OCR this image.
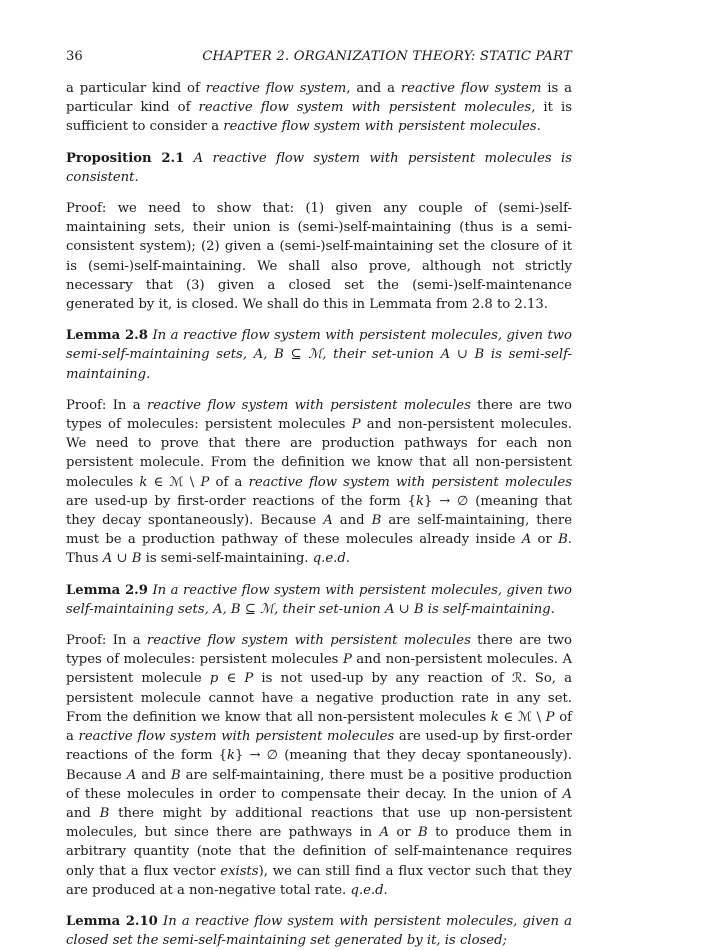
36	CHAPTER 2. ORGANIZATION THEORY: STATIC PART

a particular kind of reactive flow system, and a reactive flow system is a particular kind of reactive flow system with persistent molecules, it is sufficient to consider a reactive flow system with persistent molecules.

Proposition 2.1 A reactive flow system with persistent molecules is consistent.

Proof: we need to show that: (1) given any couple of (semi-)self-maintaining sets, their union is (semi-)self-maintaining (thus is a semi-consistent system); (2) given a (semi-)self-maintaining set the closure of it is (semi-)self-maintaining. We shall also prove, although not strictly necessary that (3) given a closed set the (semi-)self-maintenance generated by it, is closed. We shall do this in Lemmata from 2.8 to 2.13.

Lemma 2.8 In a reactive flow system with persistent molecules, given two semi-self-maintaining sets, A, B ⊆ ℳ, their set-union A ∪ B is semi-self-maintaining.

Proof: In a reactive flow system with persistent molecules there are two types of molecules: persistent molecules P and non-persistent molecules. We need to prove that there are production pathways for each non persistent molecule. From the definition we know that all non-persistent molecules k ∈ ℳ \ P of a reactive flow system with persistent molecules are used-up by first-order reactions of the form {k} → ∅ (meaning that they decay spontaneously). Because A and B are self-maintaining, there must be a production pathway of these molecules already inside A or B. Thus A ∪ B is semi-self-maintaining. q.e.d.

Lemma 2.9 In a reactive flow system with persistent molecules, given two self-maintaining sets, A, B ⊆ ℳ, their set-union A ∪ B is self-maintaining.

Proof: In a reactive flow system with persistent molecules there are two types of molecules: persistent molecules P and non-persistent molecules. A persistent molecule p ∈ P is not used-up by any reaction of ℛ. So, a persistent molecule cannot have a negative production rate in any set. From the definition we know that all non-persistent molecules k ∈ ℳ \ P of a reactive flow system with persistent molecules are used-up by first-order reactions of the form {k} → ∅ (meaning that they decay spontaneously). Because A and B are self-maintaining, there must be a positive production of these molecules in order to compensate their decay. In the union of A and B there might by additional reactions that use up non-persistent molecules, but since there are pathways in A or B to produce them in arbitrary quantity (note that the definition of self-maintenance requires only that a flux vector exists), we can still find a flux vector such that they are produced at a non-negative total rate. q.e.d.

Lemma 2.10 In a reactive flow system with persistent molecules, given a closed set the semi-self-maintaining set generated by it, is closed;
